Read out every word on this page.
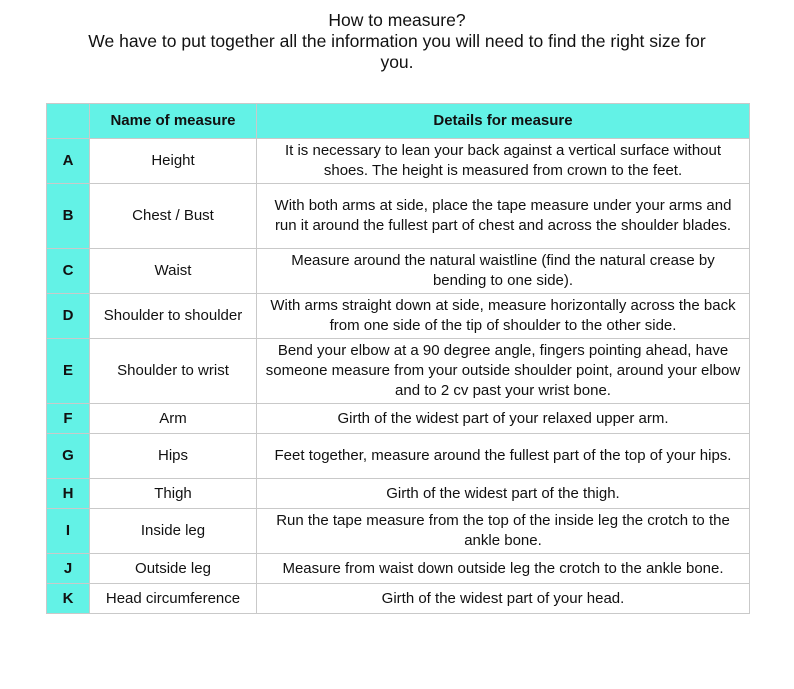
How to measure?
We have to put together all the information you will need to find the right size for
you.
	Name of measure	Details for measure
A	Height	It is necessary to lean your back against a vertical surface without shoes. The height is measured from crown to the feet.
B	Chest / Bust	With both arms at side, place the tape measure under your arms and run it around the fullest part of chest and across the shoulder blades.
C	Waist	Measure around the natural waistline (find the natural crease by bending to one side).
D	Shoulder to shoulder	With arms straight down at side, measure horizontally across the back from one side of the tip of shoulder to the other side.
E	Shoulder to wrist	Bend your elbow at a 90 degree angle, fingers pointing ahead, have someone measure from your outside shoulder point, around your elbow and to 2 cv past your wrist bone.
F	Arm	Girth of the widest part of your relaxed upper arm.
G	Hips	Feet together, measure around the fullest part of the top of your hips.
H	Thigh	Girth of the widest part of the thigh.
I	Inside leg	Run the tape measure from the top of the inside leg the crotch to the ankle bone.
J	Outside leg	Measure from waist down outside leg the crotch to the ankle bone.
K	Head circumference	Girth of the widest part of your head.
